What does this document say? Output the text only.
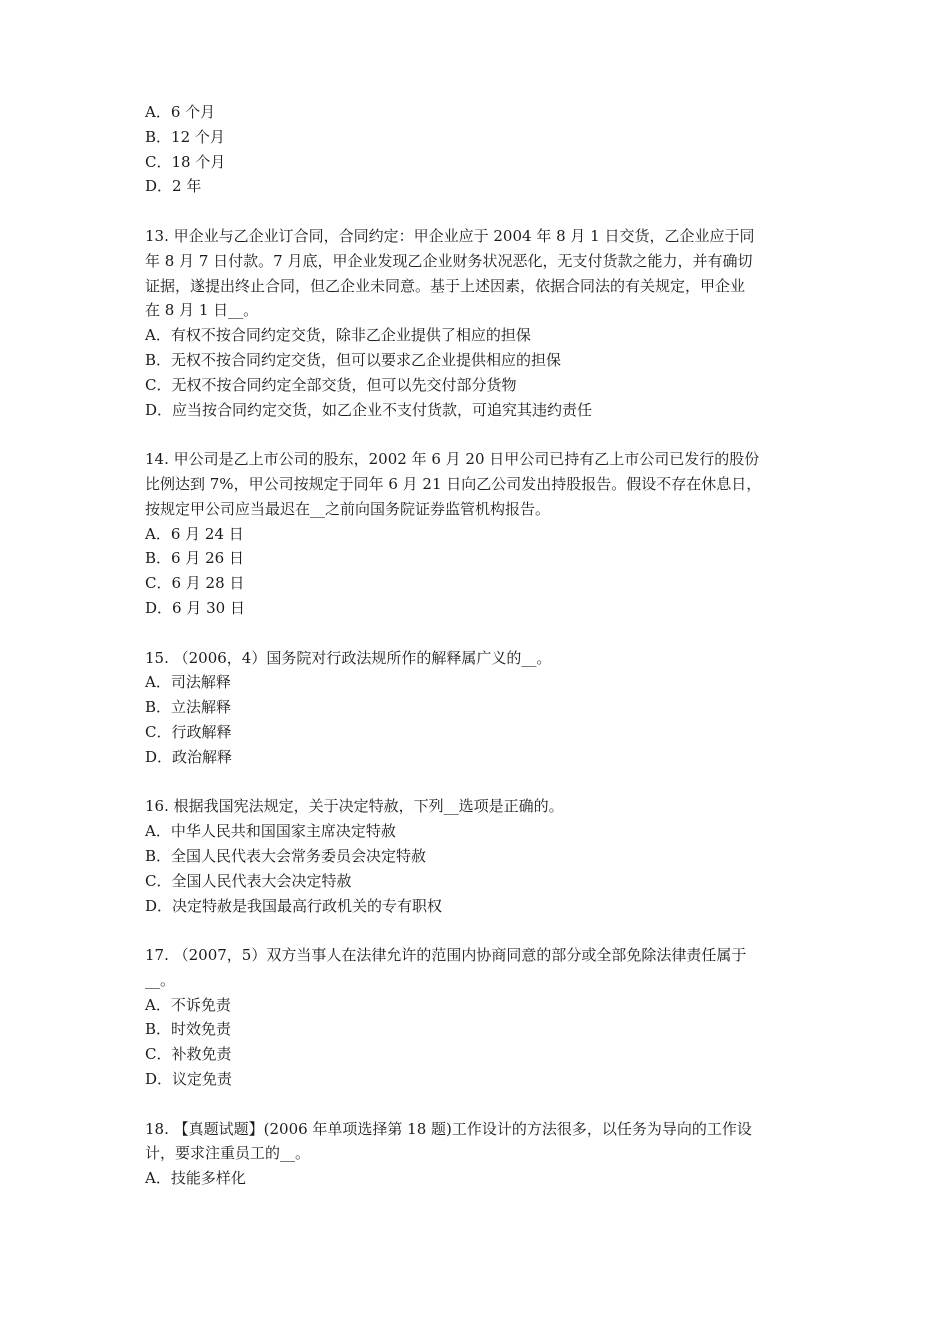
A．6 个月
B．12 个月
C．18 个月
D．2 年
13. 甲企业与乙企业订合同，合同约定：甲企业应于 2004 年 8 月 1 日交货，乙企业应于同
年 8 月 7 日付款。7 月底，甲企业发现乙企业财务状况恶化，无支付货款之能力，并有确切
证据，遂提出终止合同，但乙企业未同意。基于上述因素，依据合同法的有关规定，甲企业
在 8 月 1 日__。
A．有权不按合同约定交货，除非乙企业提供了相应的担保
B．无权不按合同约定交货，但可以要求乙企业提供相应的担保
C．无权不按合同约定全部交货，但可以先交付部分货物
D．应当按合同约定交货，如乙企业不支付货款，可追究其违约责任
14. 甲公司是乙上市公司的股东，2002 年 6 月 20 日甲公司已持有乙上市公司已发行的股份
比例达到 7%，甲公司按规定于同年 6 月 21 日向乙公司发出持股报告。假设不存在休息日，
按规定甲公司应当最迟在__之前向国务院证券监管机构报告。
A．6 月 24 日
B．6 月 26 日
C．6 月 28 日
D．6 月 30 日
15. （2006，4）国务院对行政法规所作的解释属广义的__。
A．司法解释
B．立法解释
C．行政解释
D．政治解释
16. 根据我国宪法规定，关于决定特赦，下列__选项是正确的。
A．中华人民共和国国家主席决定特赦
B．全国人民代表大会常务委员会决定特赦
C．全国人民代表大会决定特赦
D．决定特赦是我国最高行政机关的专有职权
17. （2007，5）双方当事人在法律允许的范围内协商同意的部分或全部免除法律责任属于
__。
A．不诉免责
B．时效免责
C．补救免责
D．议定免责
18. 【真题试题】(2006 年单项选择第 18 题)工作设计的方法很多，以任务为导向的工作设
计，要求注重员工的__。
A．技能多样化
